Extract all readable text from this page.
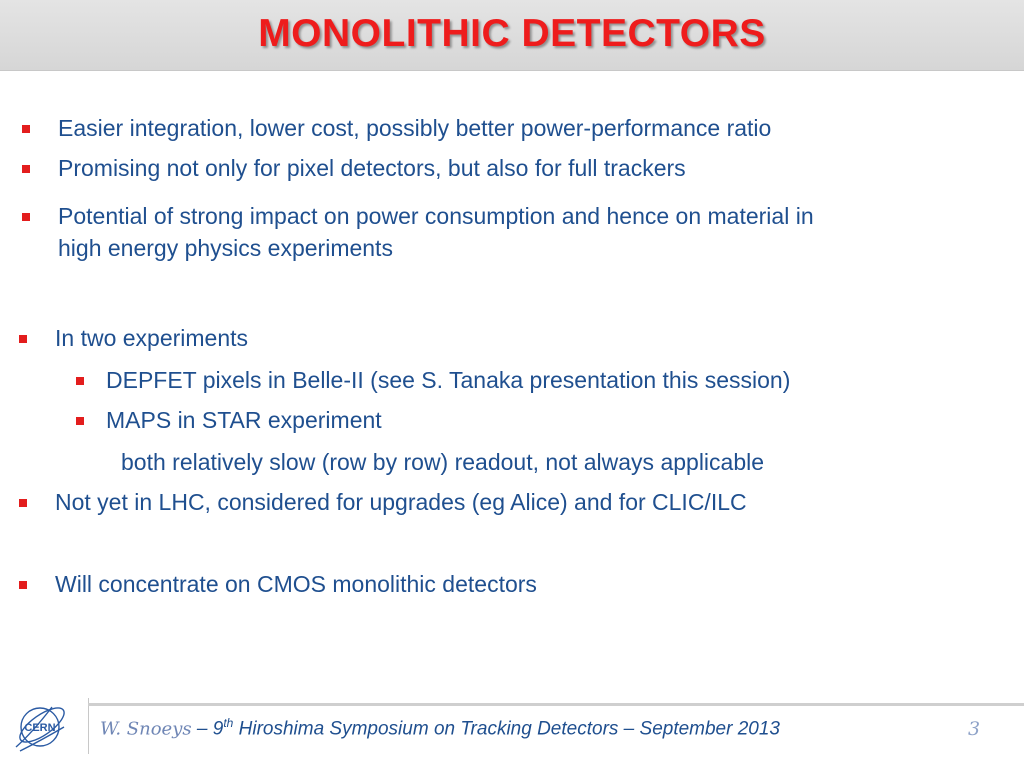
MONOLITHIC DETECTORS
Easier integration, lower cost, possibly better power-performance ratio
Promising not only for pixel detectors, but also for full trackers
Potential of strong impact on power consumption and hence on material in
high energy physics experiments
In two experiments
DEPFET pixels in Belle-II (see S. Tanaka presentation this session)
MAPS in STAR experiment
both relatively slow (row by row) readout, not always applicable
Not yet in LHC, considered for upgrades (eg Alice) and for CLIC/ILC
Will concentrate on CMOS monolithic detectors
CERN W. Snoeys – 9th Hiroshima Symposium on Tracking Detectors – September 2013	3
